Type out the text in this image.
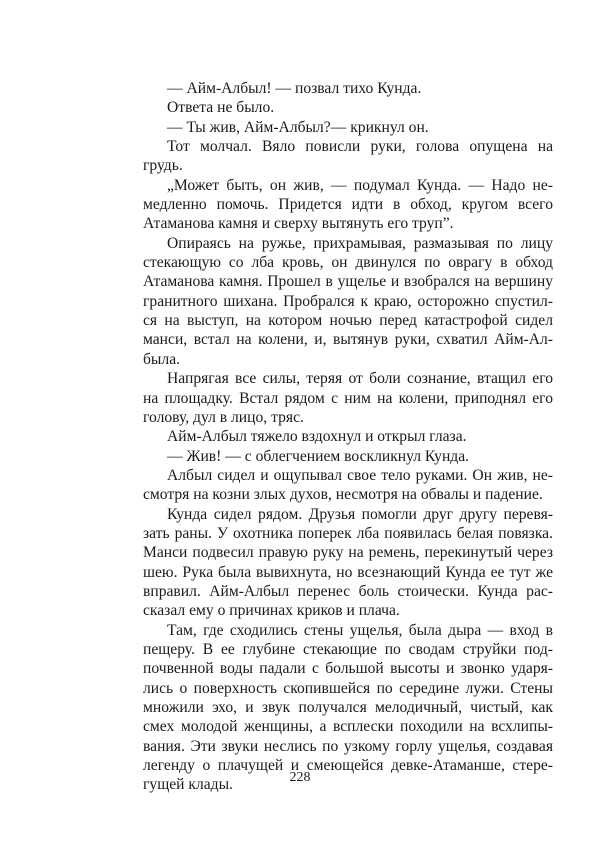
— Айм-Албыл! — позвал тихо Кунда.
Ответа не было.
— Ты жив, Айм-Албыл?— крикнул он.
Тот молчал. Вяло повисли руки, голова опущена на
грудь.
„Может быть, он жив, — подумал Кунда. — Надо не-
медленно помочь. Придется идти в обход, кругом всего
Атаманова камня и сверху вытянуть его труп”.
Опираясь на ружье, прихрамывая, размазывая по лицу
стекающую со лба кровь, он двинулся по оврагу в обход
Атаманова камня. Прошел в ущелье и взобрался на вершину
гранитного шихана. Пробрался к краю, осторожно спустил-
ся на выступ, на котором ночью перед катастрофой сидел
манси, встал на колени, и, вытянув руки, схватил Айм-Ал-
была.
Напрягая все силы, теряя от боли сознание, втащил его
на площадку. Встал рядом с ним на колени, приподнял его
голову, дул в лицо, тряс.
Айм-Албыл тяжело вздохнул и открыл глаза.
— Жив! — с облегчением воскликнул Кунда.
Албыл сидел и ощупывал свое тело руками. Он жив, не-
смотря на козни злых духов, несмотря на обвалы и падение.
Кунда сидел рядом. Друзья помогли друг другу перевя-
зать раны. У охотника поперек лба появилась белая повязка.
Манси подвесил правую руку на ремень, перекинутый через
шею. Рука была вывихнута, но всезнающий Кунда ее тут же
вправил. Айм-Албыл перенес боль стоически. Кунда рас-
сказал ему о причинах криков и плача.
Там, где сходились стены ущелья, была дыра — вход в
пещеру. В ее глубине стекающие по сводам струйки под-
почвенной воды падали с большой высоты и звонко ударя-
лись о поверхность скопившейся по середине лужи. Стены
множили эхо, и звук получался мелодичный, чистый, как
смех молодой женщины, а всплески походили на всхлипы-
вания. Эти звуки неслись по узкому горлу ущелья, создавая
легенду о плачущей и смеющейся девке-Атаманше, стере-
гущей клады.	228
